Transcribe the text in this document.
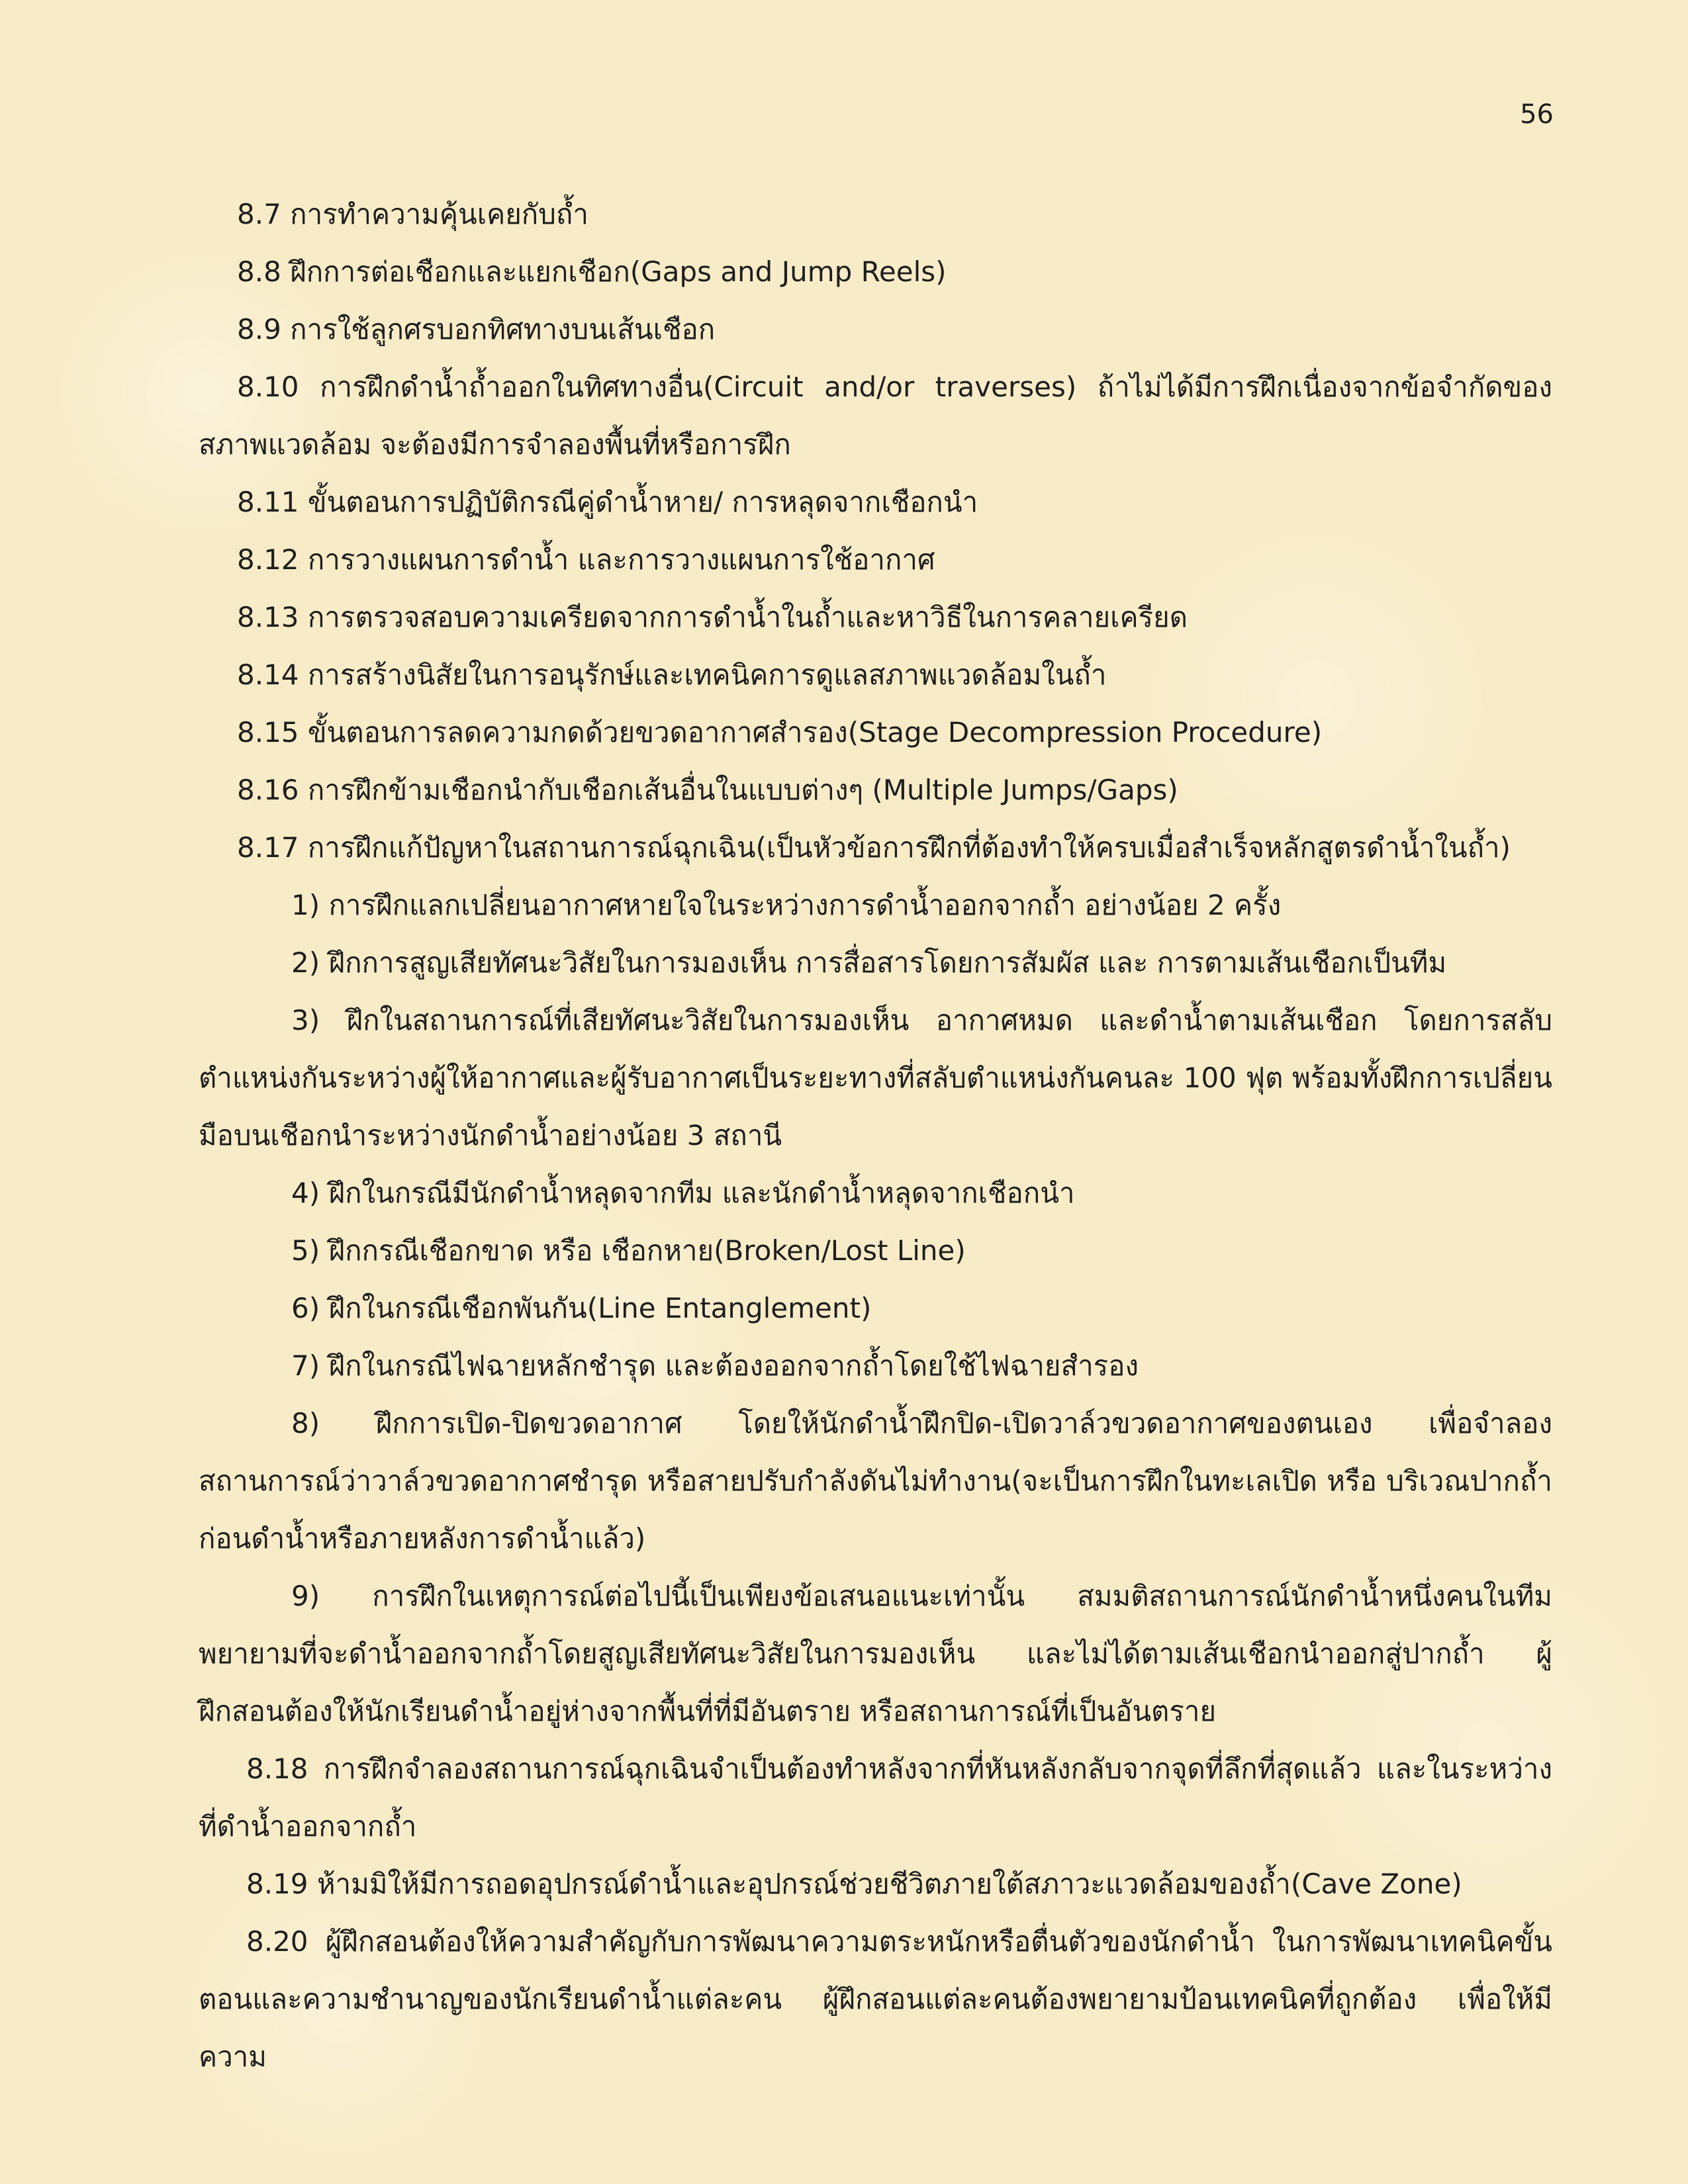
56

8.7 การทำความคุ้นเคยกับถ้ำ

8.8 ฝึกการต่อเชือกและแยกเชือก(Gaps and Jump Reels)

8.9 การใช้ลูกศรบอกทิศทางบนเส้นเชือก

8.10 การฝึกดำน้ำถ้ำออกในทิศทางอื่น(Circuit and/or traverses) ถ้าไม่ได้มีการฝึกเนื่องจากข้อจำกัดของสภาพแวดล้อม จะต้องมีการจำลองพื้นที่หรือการฝึก

8.11 ขั้นตอนการปฏิบัติกรณีคู่ดำน้ำหาย/ การหลุดจากเชือกนำ

8.12 การวางแผนการดำน้ำ และการวางแผนการใช้อากาศ

8.13 การตรวจสอบความเครียดจากการดำน้ำในถ้ำและหาวิธีในการคลายเครียด

8.14 การสร้างนิสัยในการอนุรักษ์และเทคนิคการดูแลสภาพแวดล้อมในถ้ำ

8.15 ขั้นตอนการลดความกดด้วยขวดอากาศสำรอง(Stage Decompression Procedure)

8.16 การฝึกข้ามเชือกนำกับเชือกเส้นอื่นในแบบต่างๆ (Multiple Jumps/Gaps)

8.17 การฝึกแก้ปัญหาในสถานการณ์ฉุกเฉิน(เป็นหัวข้อการฝึกที่ต้องทำให้ครบเมื่อสำเร็จหลักสูตรดำน้ำในถ้ำ)

1) การฝึกแลกเปลี่ยนอากาศหายใจในระหว่างการดำน้ำออกจากถ้ำ อย่างน้อย 2 ครั้ง

2) ฝึกการสูญเสียทัศนะวิสัยในการมองเห็น การสื่อสารโดยการสัมผัส และ การตามเส้นเชือกเป็นทีม

3) ฝึกในสถานการณ์ที่เสียทัศนะวิสัยในการมองเห็น อากาศหมด และดำน้ำตามเส้นเชือก โดยการสลับตำแหน่งกันระหว่างผู้ให้อากาศและผู้รับอากาศเป็นระยะทางที่สลับตำแหน่งกันคนละ 100 ฟุต พร้อมทั้งฝึกการเปลี่ยนมือบนเชือกนำระหว่างนักดำน้ำอย่างน้อย 3 สถานี

4) ฝึกในกรณีมีนักดำน้ำหลุดจากทีม และนักดำน้ำหลุดจากเชือกนำ

5) ฝึกกรณีเชือกขาด หรือ เชือกหาย(Broken/Lost Line)

6) ฝึกในกรณีเชือกพันกัน(Line Entanglement)

7) ฝึกในกรณีไฟฉายหลักชำรุด และต้องออกจากถ้ำโดยใช้ไฟฉายสำรอง

8) ฝึกการเปิด-ปิดขวดอากาศ โดยให้นักดำน้ำฝึกปิด-เปิดวาล์วขวดอากาศของตนเอง เพื่อจำลองสถานการณ์ว่าวาล์วขวดอากาศชำรุด หรือสายปรับกำลังดันไม่ทำงาน(จะเป็นการฝึกในทะเลเปิด หรือ บริเวณปากถ้ำก่อนดำน้ำหรือภายหลังการดำน้ำแล้ว)

9) การฝึกในเหตุการณ์ต่อไปนี้เป็นเพียงข้อเสนอแนะเท่านั้น สมมติสถานการณ์นักดำน้ำหนึ่งคนในทีมพยายามที่จะดำน้ำออกจากถ้ำโดยสูญเสียทัศนะวิสัยในการมองเห็น และไม่ได้ตามเส้นเชือกนำออกสู่ปากถ้ำ ผู้ฝึกสอนต้องให้นักเรียนดำน้ำอยู่ห่างจากพื้นที่ที่มีอันตราย หรือสถานการณ์ที่เป็นอันตราย

8.18 การฝึกจำลองสถานการณ์ฉุกเฉินจำเป็นต้องทำหลังจากที่หันหลังกลับจากจุดที่ลึกที่สุดแล้ว และในระหว่างที่ดำน้ำออกจากถ้ำ

8.19 ห้ามมิให้มีการถอดอุปกรณ์ดำน้ำและอุปกรณ์ช่วยชีวิตภายใต้สภาวะแวดล้อมของถ้ำ(Cave Zone)

8.20 ผู้ฝึกสอนต้องให้ความสำคัญกับการพัฒนาความตระหนักหรือตื่นตัวของนักดำน้ำ ในการพัฒนาเทคนิคขั้นตอนและความชำนาญของนักเรียนดำน้ำแต่ละคน ผู้ฝึกสอนแต่ละคนต้องพยายามป้อนเทคนิคที่ถูกต้อง เพื่อให้มีความ
